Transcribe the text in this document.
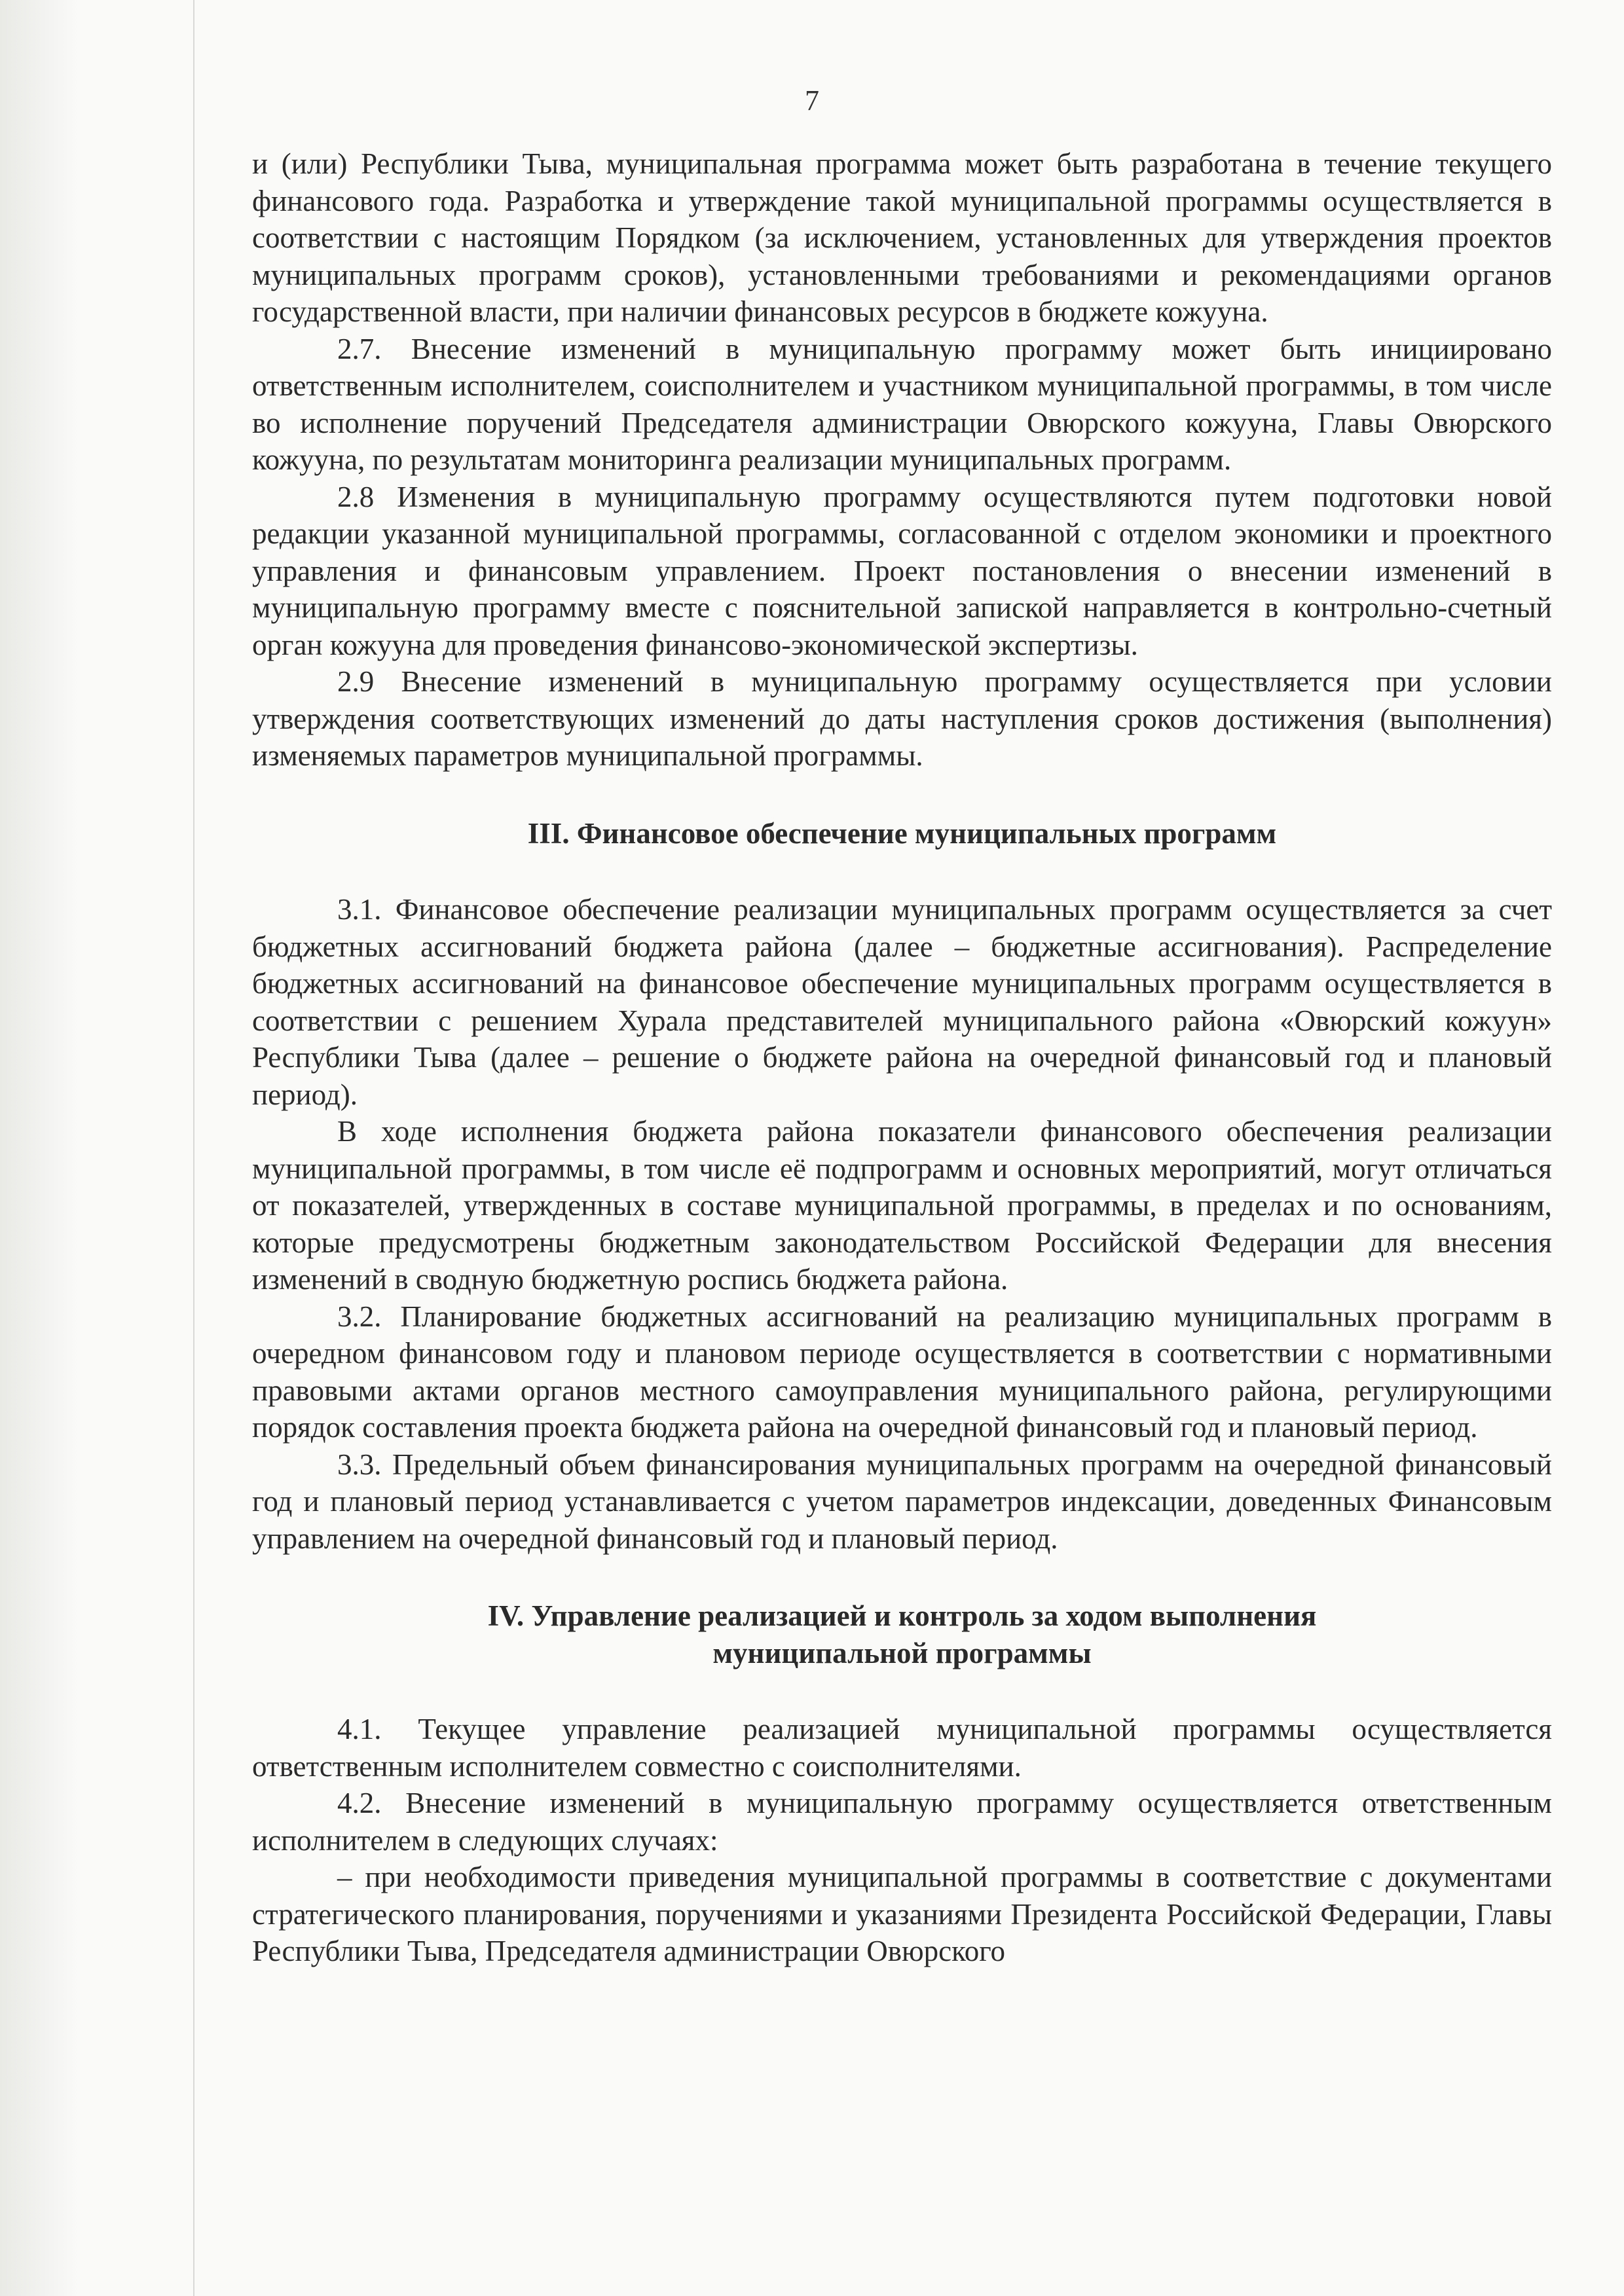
7

и (или) Республики Тыва, муниципальная программа может быть разработана в течение текущего финансового года. Разработка и утверждение такой муниципальной программы осуществляется в соответствии с настоящим Порядком (за исключением, установленных для утверждения проектов муниципальных программ сроков), установленными требованиями и рекомендациями органов государственной власти, при наличии финансовых ресурсов в бюджете кожууна.

2.7. Внесение изменений в муниципальную программу может быть инициировано ответственным исполнителем, соисполнителем и участником муниципальной программы, в том числе во исполнение поручений Председателя администрации Овюрского кожууна, Главы Овюрского кожууна, по результатам мониторинга реализации муниципальных программ.

2.8 Изменения в муниципальную программу осуществляются путем подготовки новой редакции указанной муниципальной программы, согласованной с отделом экономики и проектного управления и финансовым управлением. Проект постановления о внесении изменений в муниципальную программу вместе с пояснительной запиской направляется в контрольно-счетный орган кожууна для проведения финансово-экономической экспертизы.

2.9 Внесение изменений в муниципальную программу осуществляется при условии утверждения соответствующих изменений до даты наступления сроков достижения (выполнения) изменяемых параметров муниципальной программы.

III. Финансовое обеспечение муниципальных программ

3.1. Финансовое обеспечение реализации муниципальных программ осуществляется за счет бюджетных ассигнований бюджета района (далее – бюджетные ассигнования). Распределение бюджетных ассигнований на финансовое обеспечение муниципальных программ осуществляется в соответствии с решением Хурала представителей муниципального района «Овюрский кожуун» Республики Тыва (далее – решение о бюджете района на очередной финансовый год и плановый период).

В ходе исполнения бюджета района показатели финансового обеспечения реализации муниципальной программы, в том числе её подпрограмм и основных мероприятий, могут отличаться от показателей, утвержденных в составе муниципальной программы, в пределах и по основаниям, которые предусмотрены бюджетным законодательством Российской Федерации для внесения изменений в сводную бюджетную роспись бюджета района.

3.2. Планирование бюджетных ассигнований на реализацию муниципальных программ в очередном финансовом году и плановом периоде осуществляется в соответствии с нормативными правовыми актами органов местного самоуправления муниципального района, регулирующими порядок составления проекта бюджета района на очередной финансовый год и плановый период.

3.3. Предельный объем финансирования муниципальных программ на очередной финансовый год и плановый период устанавливается с учетом параметров индексации, доведенных Финансовым управлением на очередной финансовый год и плановый период.

IV. Управление реализацией и контроль за ходом выполнения
муниципальной программы

4.1. Текущее управление реализацией муниципальной программы осуществляется ответственным исполнителем совместно с соисполнителями.

4.2. Внесение изменений в муниципальную программу осуществляется ответственным исполнителем в следующих случаях:

– при необходимости приведения муниципальной программы в соответствие с документами стратегического планирования, поручениями и указаниями Президента Российской Федерации, Главы Республики Тыва, Председателя администрации Овюрского
